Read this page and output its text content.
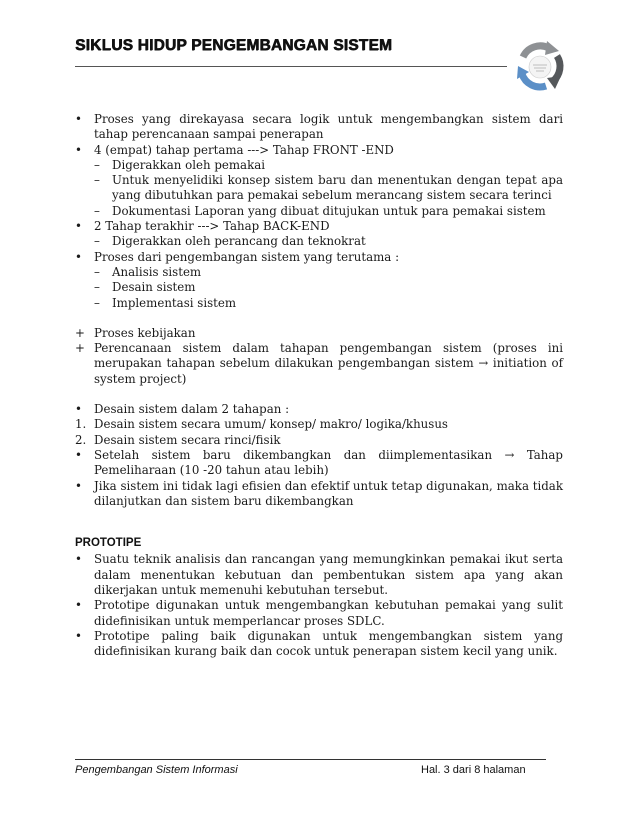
SIKLUS HIDUP PENGEMBANGAN SISTEM
•	Proses yang direkayasa secara logik untuk mengembangkan sistem dari tahap perencanaan sampai penerapan
•	4 (empat) tahap pertama ---> Tahap FRONT -END
–	Digerakkan oleh pemakai
–	Untuk menyelidiki konsep sistem baru dan menentukan dengan tepat apa yang dibutuhkan para pemakai sebelum merancang sistem secara terinci
–	Dokumentasi Laporan yang dibuat ditujukan untuk para pemakai sistem
•	2 Tahap terakhir ---> Tahap BACK-END
–	Digerakkan oleh perancang dan teknokrat
•	Proses dari pengembangan sistem yang terutama :
–	Analisis sistem
–	Desain sistem
–	Implementasi sistem
+ Proses kebijakan
+ Perencanaan sistem dalam tahapan pengembangan sistem (proses ini merupakan tahapan sebelum dilakukan pengembangan sistem → initiation of system project)
•	Desain sistem dalam 2 tahapan :
1. Desain sistem secara umum/ konsep/ makro/ logika/khusus
2. Desain sistem secara rinci/fisik
•	Setelah sistem baru dikembangkan dan diimplementasikan → Tahap Pemeliharaan (10 -20 tahun atau lebih)
•	Jika sistem ini tidak lagi efisien dan efektif untuk tetap digunakan, maka tidak dilanjutkan dan sistem baru dikembangkan
PROTOTIPE
•	Suatu teknik analisis dan rancangan yang memungkinkan pemakai ikut serta dalam menentukan kebutuan dan pembentukan sistem apa yang akan dikerjakan untuk memenuhi kebutuhan tersebut.
•	Prototipe digunakan untuk mengembangkan kebutuhan pemakai yang sulit didefinisikan untuk memperlancar proses SDLC.
•	Prototipe paling baik digunakan untuk mengembangkan sistem yang didefinisikan kurang baik dan cocok untuk penerapan sistem kecil yang unik.
Pengembangan Sistem Informasi	Hal. 3 dari 8 halaman
